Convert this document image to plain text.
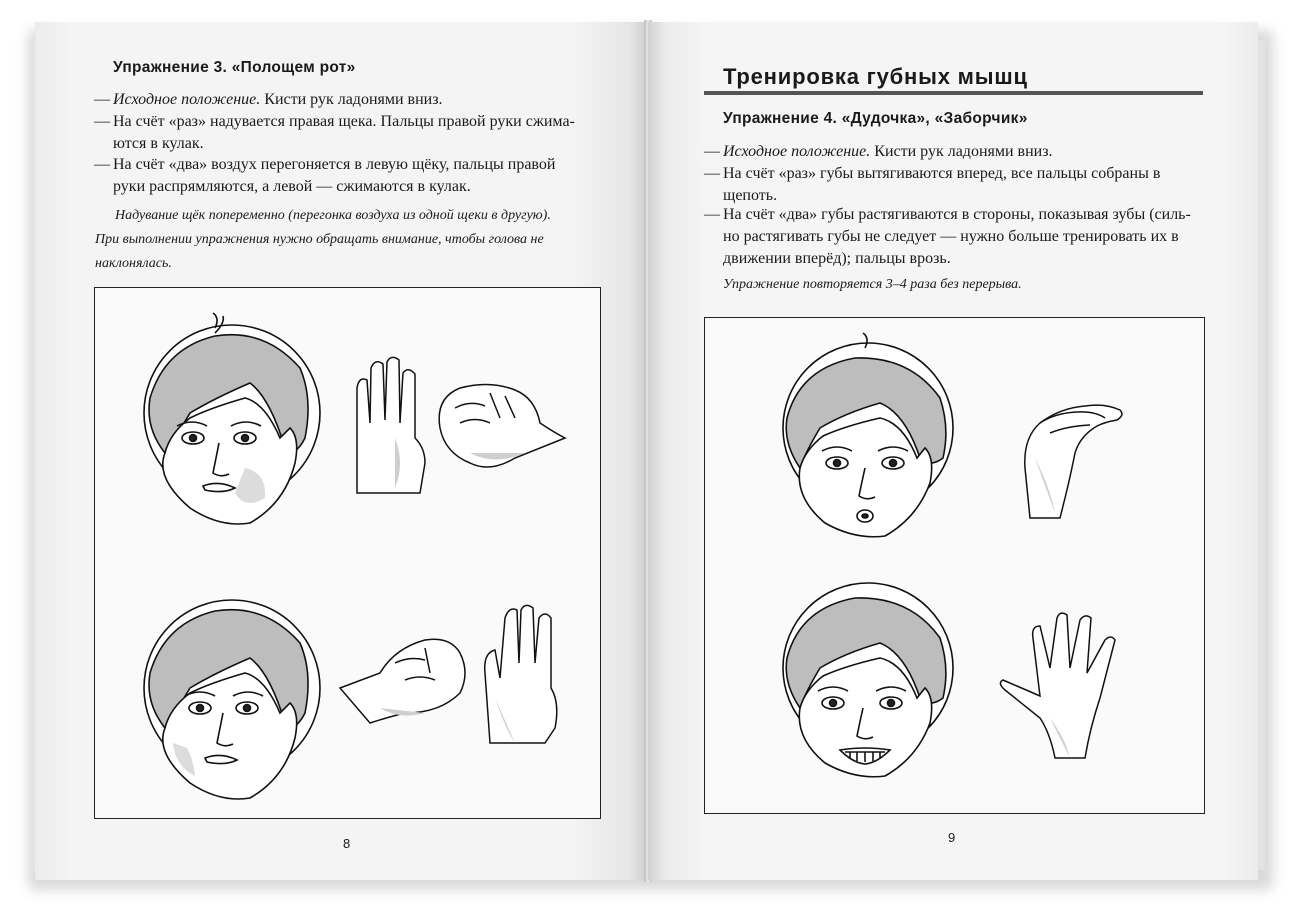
Упражнение 3. «Полощем рот»
— Исходное положение. Кисти рук ладонями вниз.
— На счёт «раз» надувается правая щека. Пальцы правой руки сжима-
ются в кулак.
— На счёт «два» воздух перегоняется в левую щёку, пальцы правой
руки распрямляются, а левой — сжимаются в кулак.
Надувание щёк попеременно (перегонка воздуха из одной щеки в другую).
При выполнении упражнения нужно обращать внимание, чтобы голова не
наклонялась.
8
Тренировка губных мышц
Упражнение 4. «Дудочка», «Заборчик»
— Исходное положение. Кисти рук ладонями вниз.
— На счёт «раз» губы вытягиваются вперед, все пальцы собраны в
щепоть.
— На счёт «два» губы растягиваются в стороны, показывая зубы (силь-
но растягивать губы не следует — нужно больше тренировать их в
движении вперёд); пальцы врозь.
Упражнение повторяется 3–4 раза без перерыва.
9
